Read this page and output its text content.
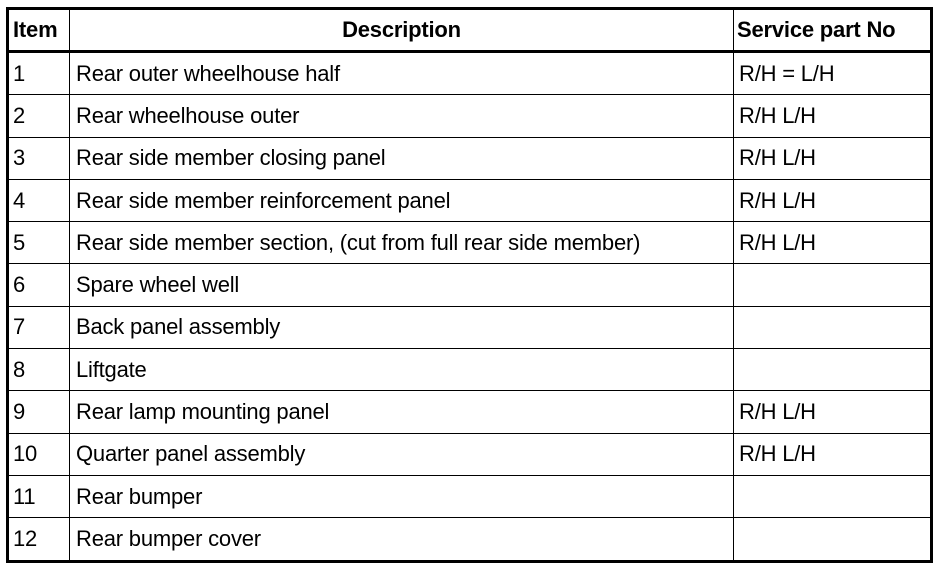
Item	Description	Service part No
1	Rear outer wheelhouse half	R/H = L/H
2	Rear wheelhouse outer	R/H L/H
3	Rear side member closing panel	R/H L/H
4	Rear side member reinforcement panel	R/H L/H
5	Rear side member section, (cut from full rear side member)	R/H L/H
6	Spare wheel well	
7	Back panel assembly	
8	Liftgate	
9	Rear lamp mounting panel	R/H L/H
10	Quarter panel assembly	R/H L/H
11	Rear bumper	
12	Rear bumper cover	
